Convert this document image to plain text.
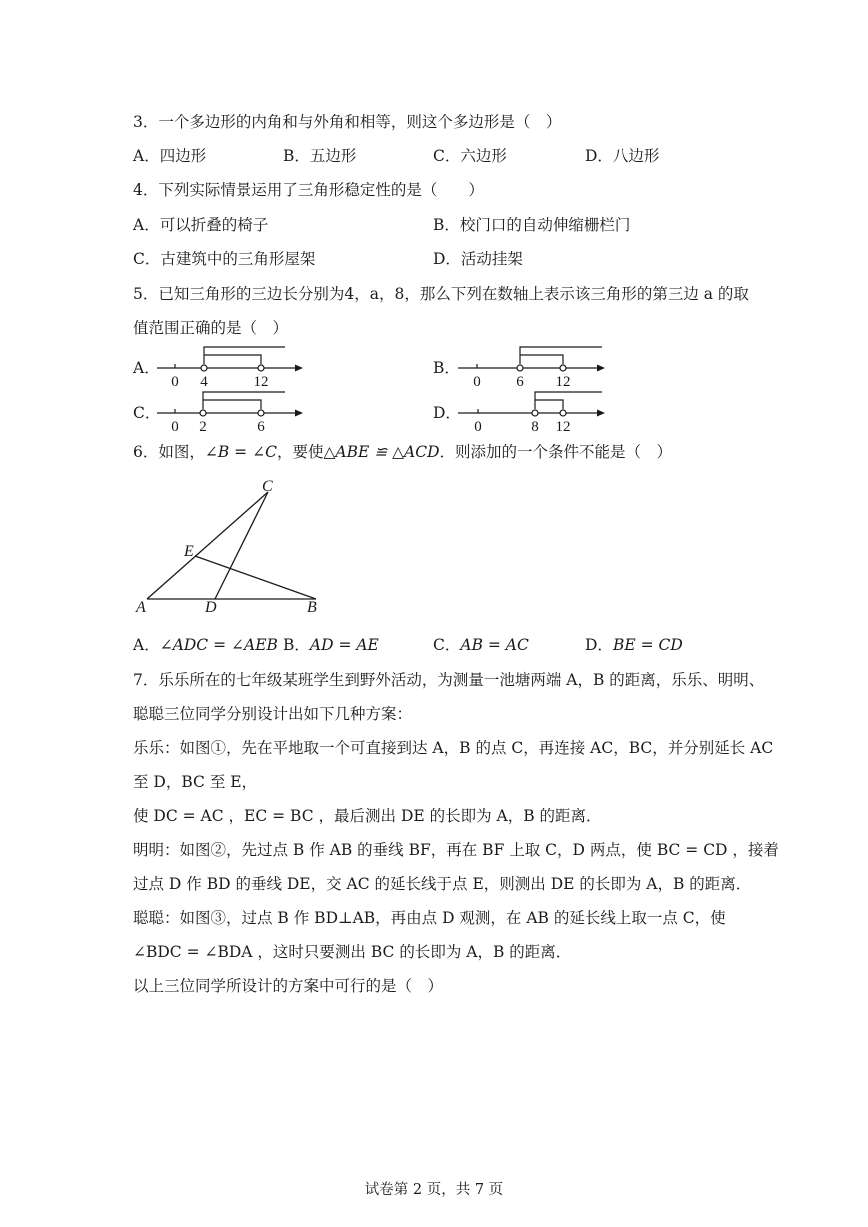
3．一个多边形的内角和与外角和相等，则这个多边形是（　）
A．四边形	B．五边形	C．六边形	D．八边形
4．下列实际情景运用了三角形稳定性的是（　　）
A．可以折叠的椅子	B．校门口的自动伸缩栅栏门
C．古建筑中的三角形屋架	D．活动挂架
5．已知三角形的三边长分别为4，a，8，那么下列在数轴上表示该三角形的第三边 a 的取
值范围正确的是（　）
A．
0 4	12
B．
0 6 12
C．
0 2	6
D．
0	8 12
6．如图，∠B = ∠C，要使△ABE ≌ △ACD．则添加的一个条件不能是（　）
A	D	B
E
C
A．∠ADC = ∠AEB B．AD = AE	C．AB = AC	D．BE = CD
7．乐乐所在的七年级某班学生到野外活动，为测量一池塘两端 A，B 的距离，乐乐、明明、
聪聪三位同学分别设计出如下几种方案：
乐乐：如图①，先在平地取一个可直接到达 A，B 的点 C，再连接 AC，BC，并分别延长 AC
至 D，BC 至 E，
使 DC = AC ，EC = BC ，最后测出 DE 的长即为 A，B 的距离．
明明：如图②，先过点 B 作 AB 的垂线 BF，再在 BF 上取 C，D 两点，使 BC = CD ，接着
过点 D 作 BD 的垂线 DE，交 AC 的延长线于点 E，则测出 DE 的长即为 A，B 的距离．
聪聪：如图③，过点 B 作 BD⊥AB，再由点 D 观测，在 AB 的延长线上取一点 C，使
∠BDC = ∠BDA ，这时只要测出 BC 的长即为 A，B 的距离．
以上三位同学所设计的方案中可行的是（　）
试卷第 2 页，共 7 页
